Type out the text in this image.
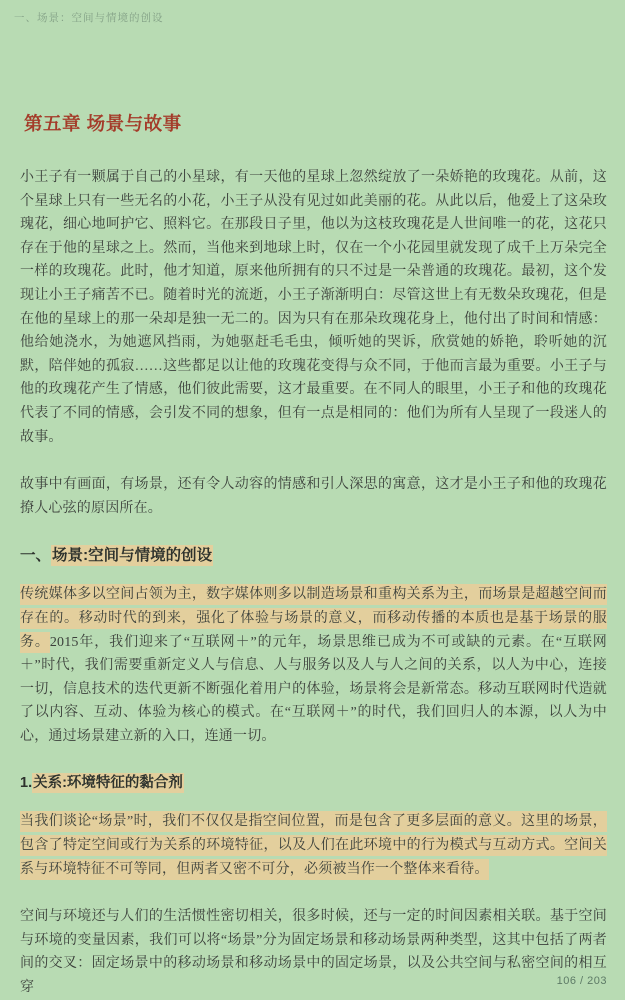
一、场景：空间与情境的创设
第五章 场景与故事

小王子有一颗属于自己的小星球，有一天他的星球上忽然绽放了一朵娇艳的玫瑰花。从前，这个星球上只有一些无名的小花，小王子从没有见过如此美丽的花。从此以后，他爱上了这朵玫瑰花，细心地呵护它、照料它。在那段日子里，他以为这枝玫瑰花是人世间唯一的花，这花只存在于他的星球之上。然而，当他来到地球上时，仅在一个小花园里就发现了成千上万朵完全一样的玫瑰花。此时，他才知道，原来他所拥有的只不过是一朵普通的玫瑰花。最初，这个发现让小王子痛苦不已。随着时光的流逝，小王子渐渐明白：尽管这世上有无数朵玫瑰花，但是在他的星球上的那一朵却是独一无二的。因为只有在那朵玫瑰花身上，他付出了时间和情感：他给她浇水，为她遮风挡雨，为她驱赶毛毛虫，倾听她的哭诉，欣赏她的娇艳，聆听她的沉默，陪伴她的孤寂……这些都足以让他的玫瑰花变得与众不同，于他而言最为重要。小王子与他的玫瑰花产生了情感，他们彼此需要，这才最重要。在不同人的眼里，小王子和他的玫瑰花代表了不同的情感，会引发不同的想象，但有一点是相同的：他们为所有人呈现了一段迷人的故事。

故事中有画面，有场景，还有令人动容的情感和引人深思的寓意，这才是小王子和他的玫瑰花撩人心弦的原因所在。

一、场景:空间与情境的创设

传统媒体多以空间占领为主，数字媒体则多以制造场景和重构关系为主，而场景是超越空间而存在的。移动时代的到来，强化了体验与场景的意义，而移动传播的本质也是基于场景的服务。2015年，我们迎来了“互联网＋”的元年，场景思维已成为不可或缺的元素。在“互联网＋”时代，我们需要重新定义人与信息、人与服务以及人与人之间的关系，以人为中心，连接一切，信息技术的迭代更新不断强化着用户的体验，场景将会是新常态。移动互联网时代造就了以内容、互动、体验为核心的模式。在“互联网＋”的时代，我们回归人的本源，以人为中心，通过场景建立新的入口，连通一切。

1.关系:环境特征的黏合剂

当我们谈论“场景”时，我们不仅仅是指空间位置，而是包含了更多层面的意义。这里的场景，包含了特定空间或行为关系的环境特征，以及人们在此环境中的行为模式与互动方式。空间关系与环境特征不可等同，但两者又密不可分，必须被当作一个整体来看待。

空间与环境还与人们的生活惯性密切相关，很多时候，还与一定的时间因素相关联。基于空间与环境的变量因素，我们可以将“场景”分为固定场景和移动场景两种类型，这其中包括了两者间的交叉：固定场景中的移动场景和移动场景中的固定场景，以及公共空间与私密空间的相互穿	106 / 203
